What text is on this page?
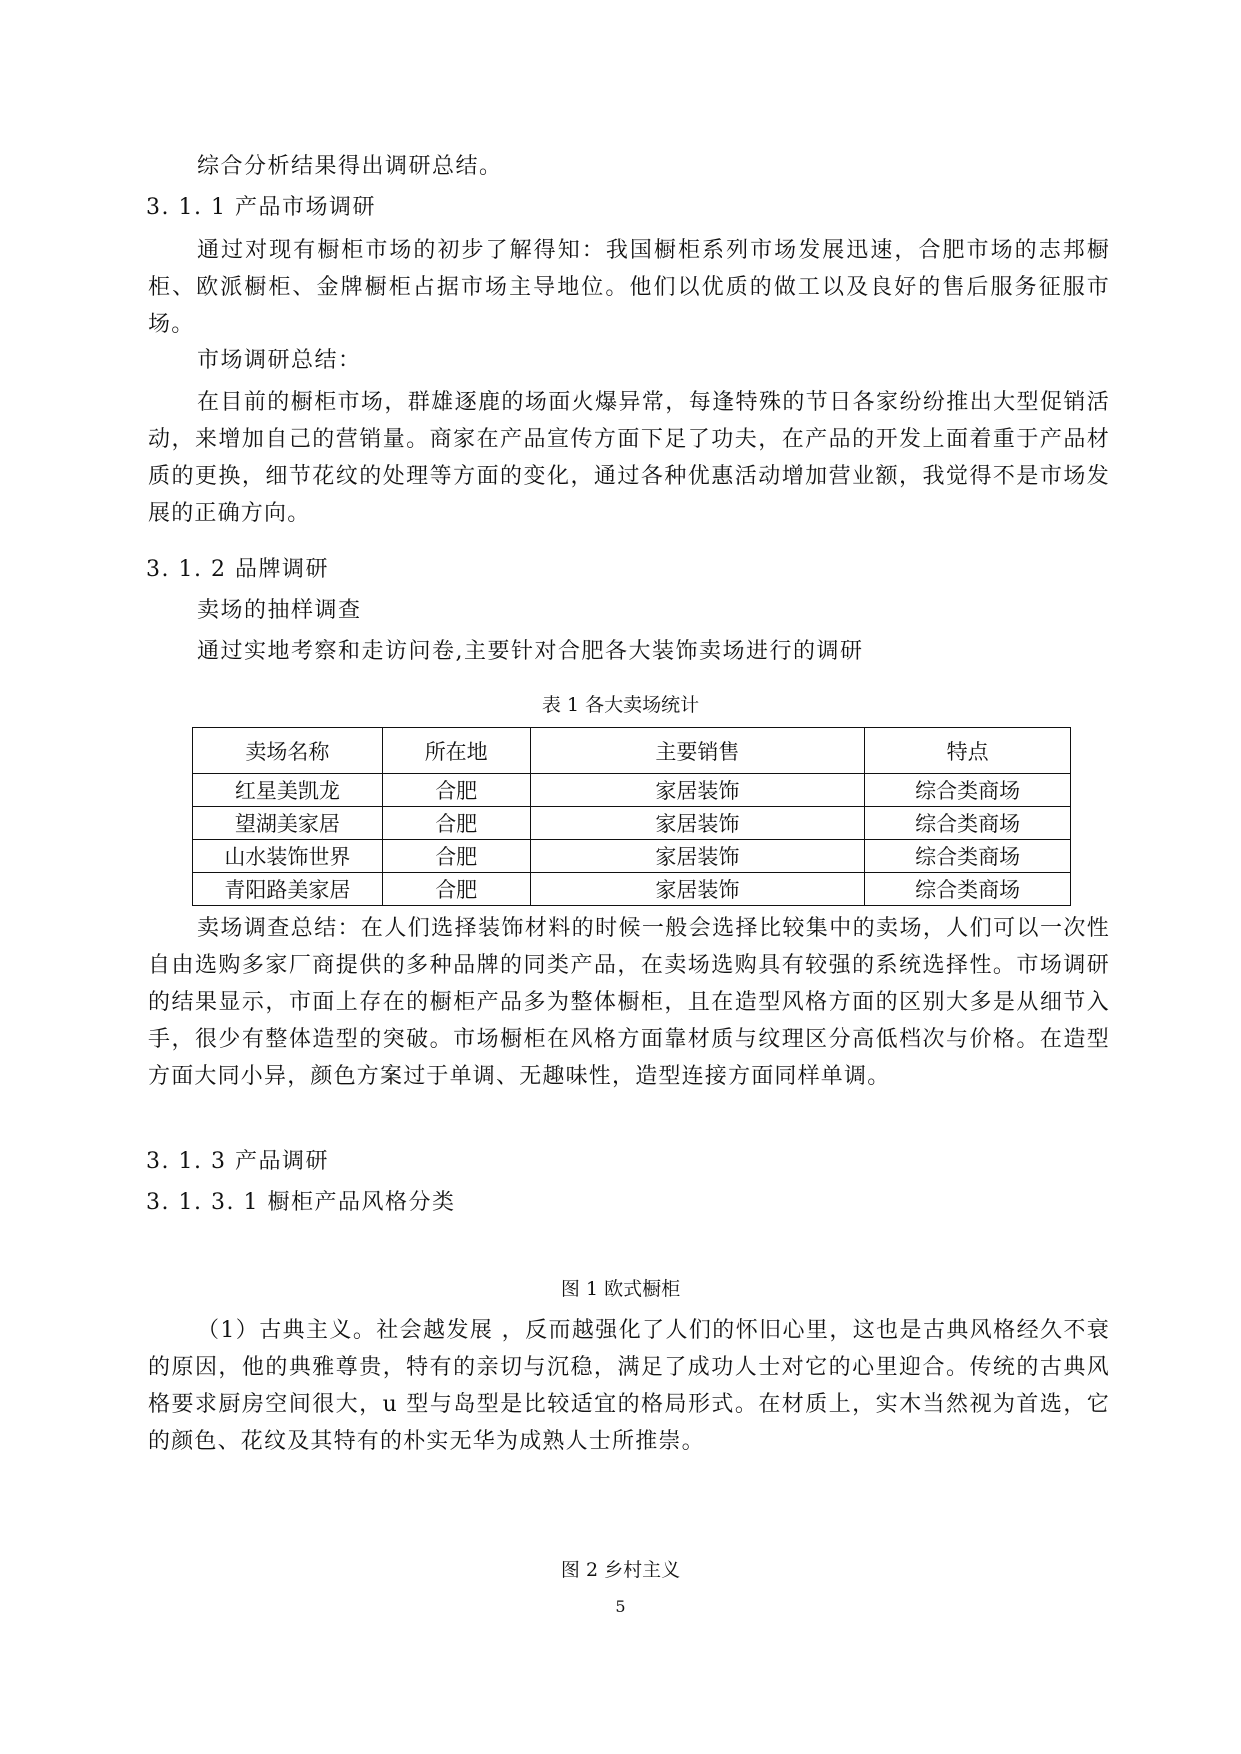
综合分析结果得出调研总结。

3. 1. 1 产品市场调研

通过对现有橱柜市场的初步了解得知：我国橱柜系列市场发展迅速，合肥市场的志邦橱柜、欧派橱柜、金牌橱柜占据市场主导地位。他们以优质的做工以及良好的售后服务征服市场。

市场调研总结：

在目前的橱柜市场，群雄逐鹿的场面火爆异常，每逢特殊的节日各家纷纷推出大型促销活动，来增加自己的营销量。商家在产品宣传方面下足了功夫，在产品的开发上面着重于产品材质的更换，细节花纹的处理等方面的变化，通过各种优惠活动增加营业额，我觉得不是市场发展的正确方向。

3. 1. 2 品牌调研

卖场的抽样调查

通过实地考察和走访问卷,主要针对合肥各大装饰卖场进行的调研

表 1 各大卖场统计

卖场名称	所在地	主要销售	特点
红星美凯龙	合肥	家居装饰	综合类商场
望湖美家居	合肥	家居装饰	综合类商场
山水装饰世界	合肥	家居装饰	综合类商场
青阳路美家居	合肥	家居装饰	综合类商场

卖场调查总结：在人们选择装饰材料的时候一般会选择比较集中的卖场，人们可以一次性自由选购多家厂商提供的多种品牌的同类产品，在卖场选购具有较强的系统选择性。市场调研的结果显示，市面上存在的橱柜产品多为整体橱柜，且在造型风格方面的区别大多是从细节入手，很少有整体造型的突破。市场橱柜在风格方面靠材质与纹理区分高低档次与价格。在造型方面大同小异，颜色方案过于单调、无趣味性，造型连接方面同样单调。

3. 1. 3 产品调研

3. 1. 3. 1 橱柜产品风格分类

图 1 欧式橱柜

（1）古典主义。社会越发展 ，反而越强化了人们的怀旧心里，这也是古典风格经久不衰的原因，他的典雅尊贵，特有的亲切与沉稳，满足了成功人士对它的心里迎合。传统的古典风格要求厨房空间很大，u 型与岛型是比较适宜的格局形式。在材质上，实木当然视为首选，它的颜色、花纹及其特有的朴实无华为成熟人士所推崇。

图 2 乡村主义

5
